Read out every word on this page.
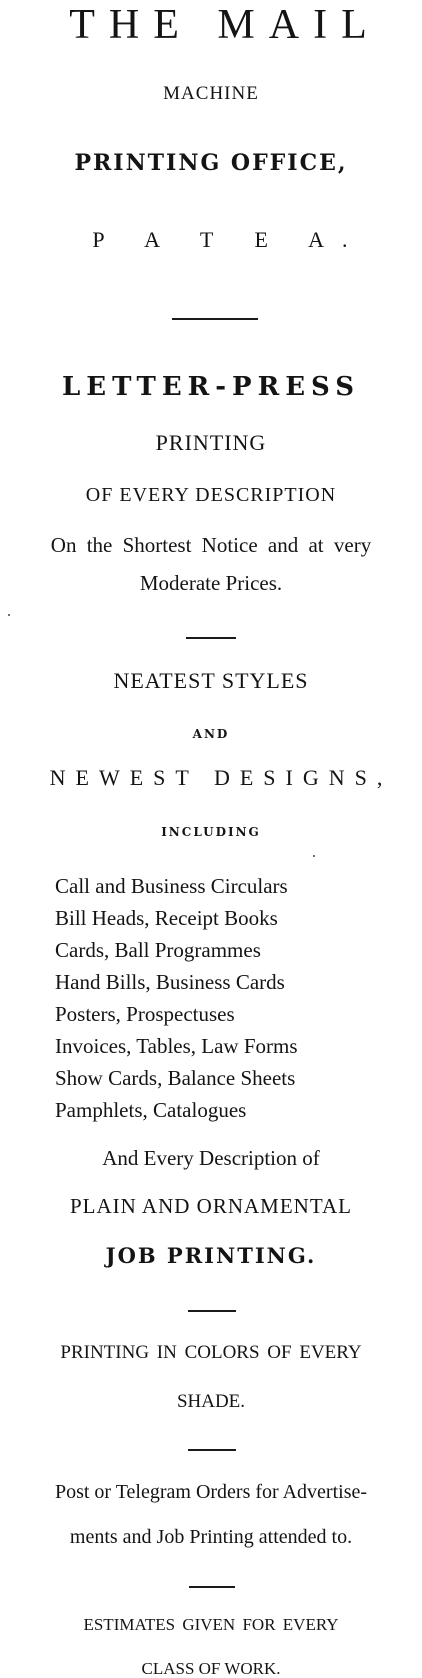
THE MAIL
MACHINE
PRINTING OFFICE,
P A T E A.
LETTER-PRESS
PRINTING
OF EVERY DESCRIPTION
On the Shortest Notice and at very
Moderate Prices.
NEATEST STYLES
AND
NEWEST DESIGNS,
INCLUDING
Call and Business Circulars
Bill Heads, Receipt Books
Cards, Ball Programmes
Hand Bills, Business Cards
Posters, Prospectuses
Invoices, Tables, Law Forms
Show Cards, Balance Sheets
Pamphlets, Catalogues
And Every Description of
PLAIN AND ORNAMENTAL
JOB PRINTING.
PRINTING IN COLORS OF EVERY
SHADE.
Post or Telegram Orders for Advertise-
ments and Job Printing attended to.
ESTIMATES GIVEN FOR EVERY
CLASS OF WORK.
